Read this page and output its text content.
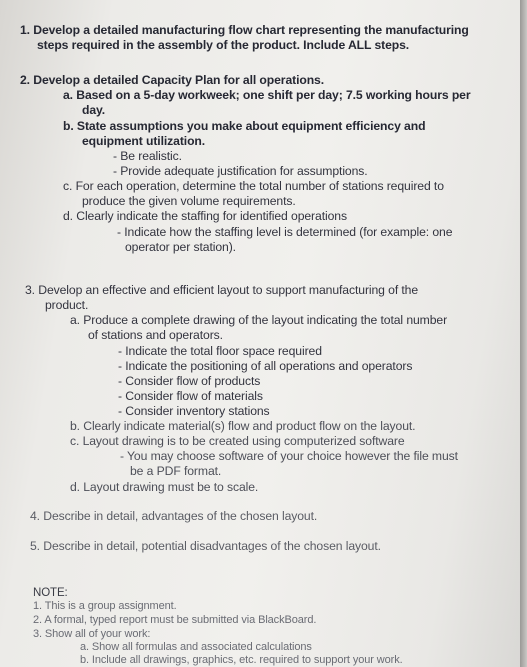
1. Develop a detailed manufacturing flow chart representing the manufacturing
steps required in the assembly of the product. Include ALL steps.
2. Develop a detailed Capacity Plan for all operations.
a. Based on a 5-day workweek; one shift per day; 7.5 working hours per
day.
b. State assumptions you make about equipment efficiency and
equipment utilization.
- Be realistic.
- Provide adequate justification for assumptions.
c. For each operation, determine the total number of stations required to
produce the given volume requirements.
d. Clearly indicate the staffing for identified operations
- Indicate how the staffing level is determined (for example: one
operator per station).
3. Develop an effective and efficient layout to support manufacturing of the
product.
a. Produce a complete drawing of the layout indicating the total number
of stations and operators.
- Indicate the total floor space required
- Indicate the positioning of all operations and operators
- Consider flow of products
- Consider flow of materials
- Consider inventory stations
b. Clearly indicate material(s) flow and product flow on the layout.
c. Layout drawing is to be created using computerized software
- You may choose software of your choice however the file must
be a PDF format.
d. Layout drawing must be to scale.
4. Describe in detail, advantages of the chosen layout.
5. Describe in detail, potential disadvantages of the chosen layout.
NOTE:
1. This is a group assignment.
2. A formal, typed report must be submitted via BlackBoard.
3. Show all of your work:
a. Show all formulas and associated calculations
b. Include all drawings, graphics, etc. required to support your work.
